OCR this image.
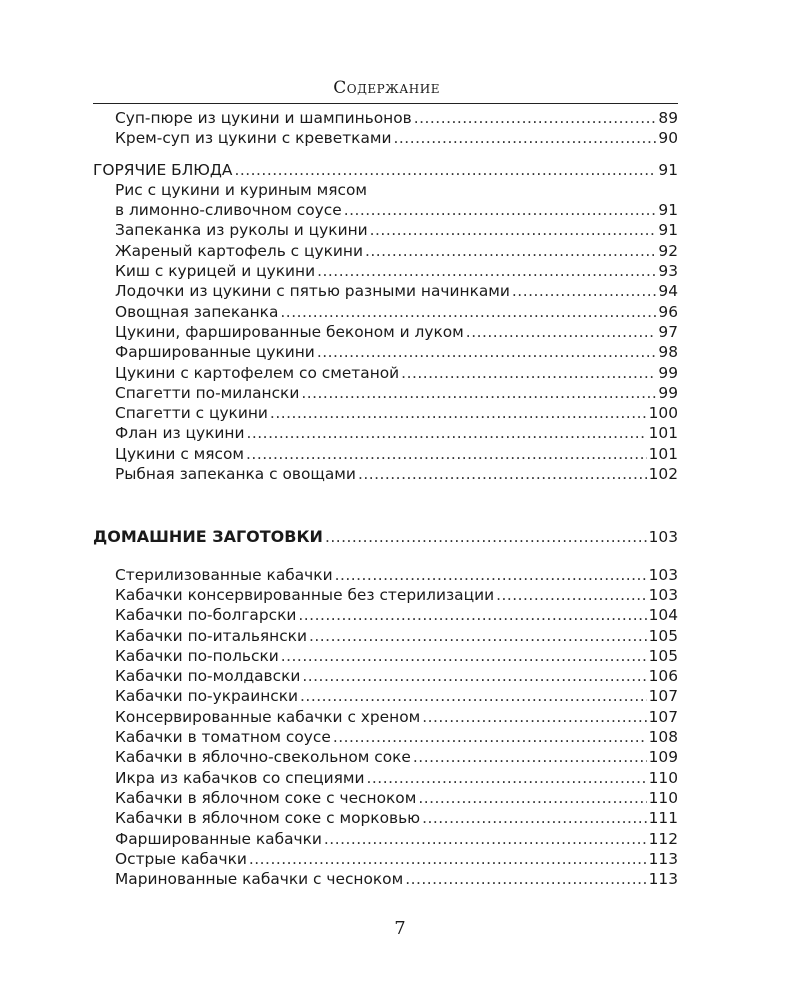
Содержание
Суп-пюре из цукини и шампиньонов .....	89
Крем-суп из цукини с креветками .....	90
ГОРЯЧИЕ БЛЮДА .....	91
Рис с цукини и куриным мясом
в лимонно-сливочном соусе .....	91
Запеканка из руколы и цукини .....	91
Жареный картофель с цукини .....	92
Киш с курицей и цукини .....	93
Лодочки из цукини с пятью разными начинками .....	94
Овощная запеканка .....	96
Цукини, фаршированные беконом и луком .....	97
Фаршированные цукини .....	98
Цукини с картофелем со сметаной .....	99
Спагетти по-милански .....	99
Спагетти с цукини .....	100
Флан из цукини .....	101
Цукини с мясом .....	101
Рыбная запеканка с овощами .....	102
ДОМАШНИЕ ЗАГОТОВКИ .....	103
Стерилизованные кабачки .....	103
Кабачки консервированные без стерилизации .....	103
Кабачки по-болгарски .....	104
Кабачки по-итальянски .....	105
Кабачки по-польски .....	105
Кабачки по-молдавски .....	106
Кабачки по-украински .....	107
Консервированные кабачки с хреном .....	107
Кабачки в томатном соусе .....	108
Кабачки в яблочно-свекольном соке .....	109
Икра из кабачков со специями .....	110
Кабачки в яблочном соке с чесноком .....	110
Кабачки в яблочном соке с морковью .....	111
Фаршированные кабачки .....	112
Острые кабачки .....	113
Маринованные кабачки с чесноком .....	113
7
